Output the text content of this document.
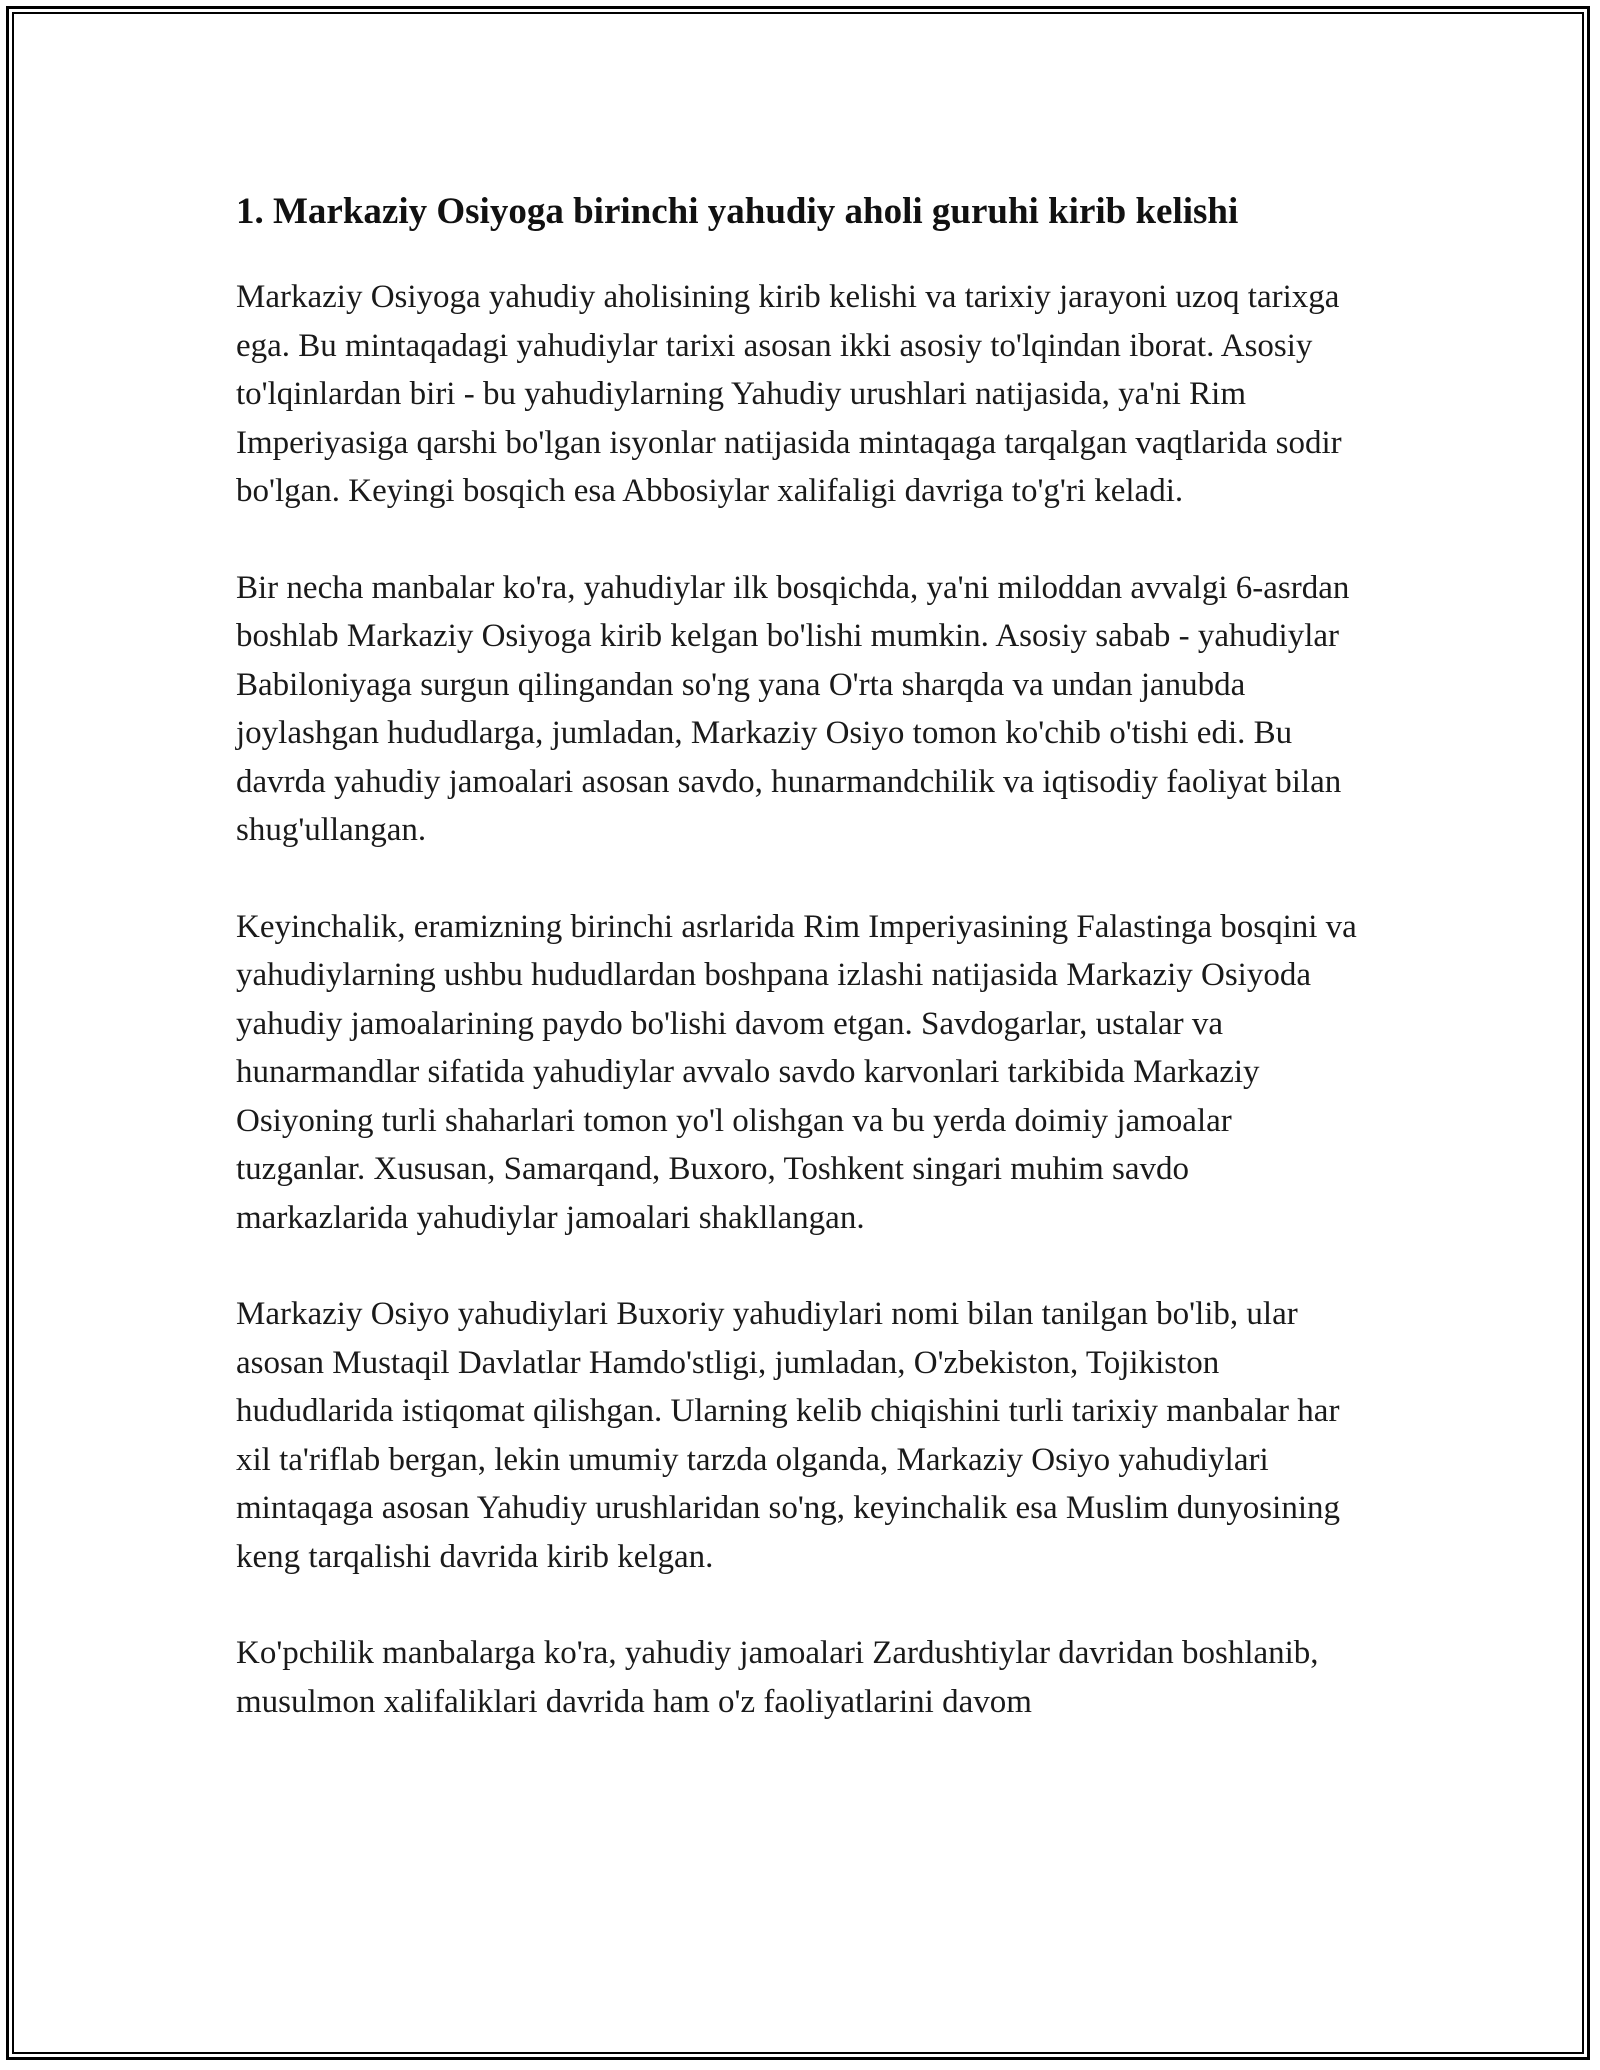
1. Markaziy Osiyoga birinchi yahudiy aholi guruhi kirib kelishi

Markaziy Osiyoga yahudiy aholisining kirib kelishi va tarixiy jarayoni uzoq tarixga ega. Bu mintaqadagi yahudiylar tarixi asosan ikki asosiy to'lqindan iborat. Asosiy to'lqinlardan biri - bu yahudiylarning Yahudiy urushlari natijasida, ya'ni Rim Imperiyasiga qarshi bo'lgan isyonlar natijasida mintaqaga tarqalgan vaqtlarida sodir bo'lgan. Keyingi bosqich esa Abbosiylar xalifaligi davriga to'g'ri keladi.

Bir necha manbalar ko'ra, yahudiylar ilk bosqichda, ya'ni miloddan avvalgi 6-asrdan boshlab Markaziy Osiyoga kirib kelgan bo'lishi mumkin. Asosiy sabab - yahudiylar Babiloniyaga surgun qilingandan so'ng yana O'rta sharqda va undan janubda joylashgan hududlarga, jumladan, Markaziy Osiyo tomon ko'chib o'tishi edi. Bu davrda yahudiy jamoalari asosan savdo, hunarmandchilik va iqtisodiy faoliyat bilan shug'ullangan.

Keyinchalik, eramizning birinchi asrlarida Rim Imperiyasining Falastinga bosqini va yahudiylarning ushbu hududlardan boshpana izlashi natijasida Markaziy Osiyoda yahudiy jamoalarining paydo bo'lishi davom etgan. Savdogarlar, ustalar va hunarmandlar sifatida yahudiylar avvalo savdo karvonlari tarkibida Markaziy Osiyoning turli shaharlari tomon yo'l olishgan va bu yerda doimiy jamoalar tuzganlar. Xususan, Samarqand, Buxoro, Toshkent singari muhim savdo markazlarida yahudiylar jamoalari shakllangan.

Markaziy Osiyo yahudiylari Buxoriy yahudiylari nomi bilan tanilgan bo'lib, ular asosan Mustaqil Davlatlar Hamdo'stligi, jumladan, O'zbekiston, Tojikiston hududlarida istiqomat qilishgan. Ularning kelib chiqishini turli tarixiy manbalar har xil ta'riflab bergan, lekin umumiy tarzda olganda, Markaziy Osiyo yahudiylari mintaqaga asosan Yahudiy urushlaridan so'ng, keyinchalik esa Muslim dunyosining keng tarqalishi davrida kirib kelgan.

Ko'pchilik manbalarga ko'ra, yahudiy jamoalari Zardushtiylar davridan boshlanib, musulmon xalifaliklari davrida ham o'z faoliyatlarini davom
